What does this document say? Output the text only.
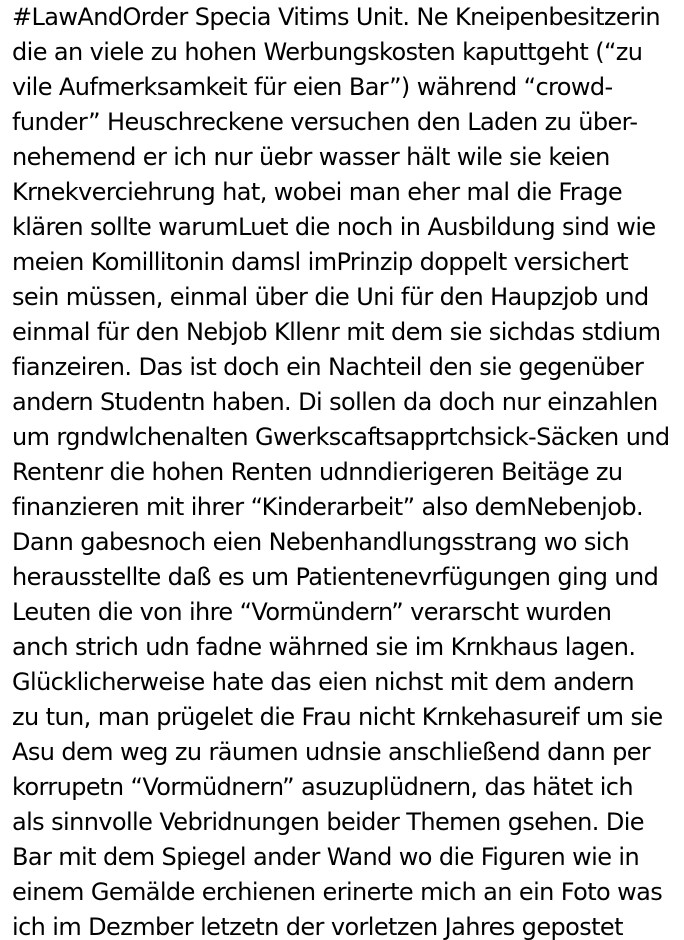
#LawAndOrder Specia Vitims Unit. Ne Kneipenbesitzerin
die an viele zu hohen Werbungskosten kaputtgeht (“zu
vile Aufmerksamkeit für eien Bar”) während “crowd-
funder” Heuschreckene versuchen den Laden zu über-
nehemend er ich nur üebr wasser hält wile sie keien
Krnekverciehrung hat, wobei man eher mal die Frage
klären sollte warumLuet die noch in Ausbildung sind wie
meien Komillitonin damsl imPrinzip doppelt versichert
sein müssen, einmal über die Uni für den Haupzjob und
einmal für den Nebjob Kllenr mit dem sie sichdas stdium
fianzeiren. Das ist doch ein Nachteil den sie gegenüber
andern Studentn haben. Di sollen da doch nur einzahlen
um rgndwlchenalten Gwerkscaftsapprtchsick-Säcken und
Rentenr die hohen Renten udnndierigeren Beitäge zu
finanzieren mit ihrer “Kinderarbeit” also demNebenjob.
Dann gabesnoch eien Nebenhandlungsstrang wo sich
herausstellte daß es um Patientenevrfügungen ging und
Leuten die von ihre “Vormündern” verarscht wurden
anch strich udn fadne währned sie im Krnkhaus lagen.
Glücklicherweise hate das eien nichst mit dem andern
zu tun, man prügelet die Frau nicht Krnkehasureif um sie
Asu dem weg zu räumen udnsie anschließend dann per
korrupetn “Vormüdnern” asuzuplüdnern, das hätet ich
als sinnvolle Vebridnungen beider Themen gsehen. Die
Bar mit dem Spiegel ander Wand wo die Figuren wie in
einem Gemälde erchienen erinerte mich an ein Foto was
ich im Dezmber letzetn der vorletzen Jahres gepostet
